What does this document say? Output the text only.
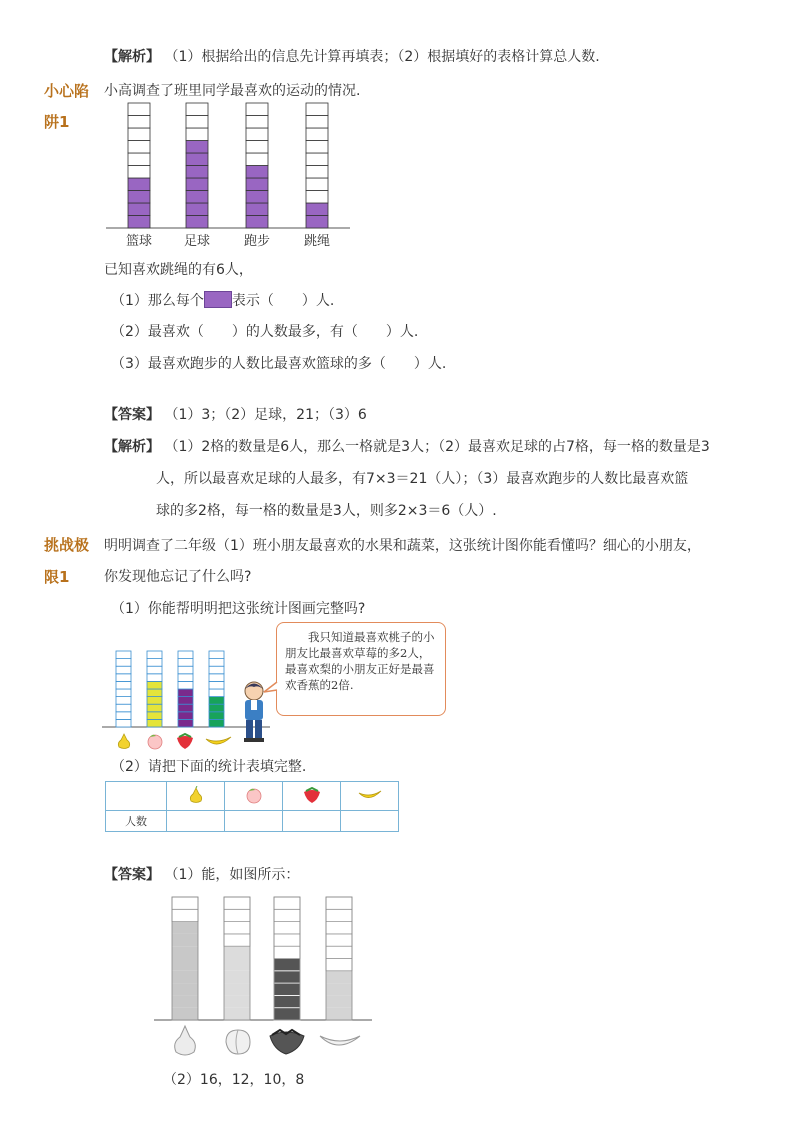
【解析】 （1）根据给出的信息先计算再填表；（2）根据填好的表格计算总人数.
小心陷
阱1
小高调查了班里同学最喜欢的运动的情况.
篮球 足球	跑步	跳绳
已知喜欢跳绳的有6人，
（1）那么每个 表示（　　）人.
（2）最喜欢（　　）的人数最多，有（　　）人.
（3）最喜欢跑步的人数比最喜欢篮球的多（　　）人.
【答案】 （1）3；（2）足球，21；（3）6
【解析】 （1）2格的数量是6人，那么一格就是3人；（2）最喜欢足球的占7格，每一格的数量是3
人，所以最喜欢足球的人最多，有7×3＝21（人）；（3）最喜欢跑步的人数比最喜欢篮
球的多2格，每一格的数量是3人，则多2×3＝6（人）.
挑战极
限1
明明调查了二年级（1）班小朋友最喜欢的水果和蔬菜，这张统计图你能看懂吗？细心的小朋友，
你发现他忘记了什么吗?
（1）你能帮明明把这张统计图画完整吗?

我只知道最喜欢桃子的小朋友比最喜欢草莓的多2人，最喜欢梨的小朋友正好是最喜欢香蕉的2倍.

（2）请把下面的统计表填完整.

人数				
【答案】 （1）能，如图所示：
（2）16，12，10，8
